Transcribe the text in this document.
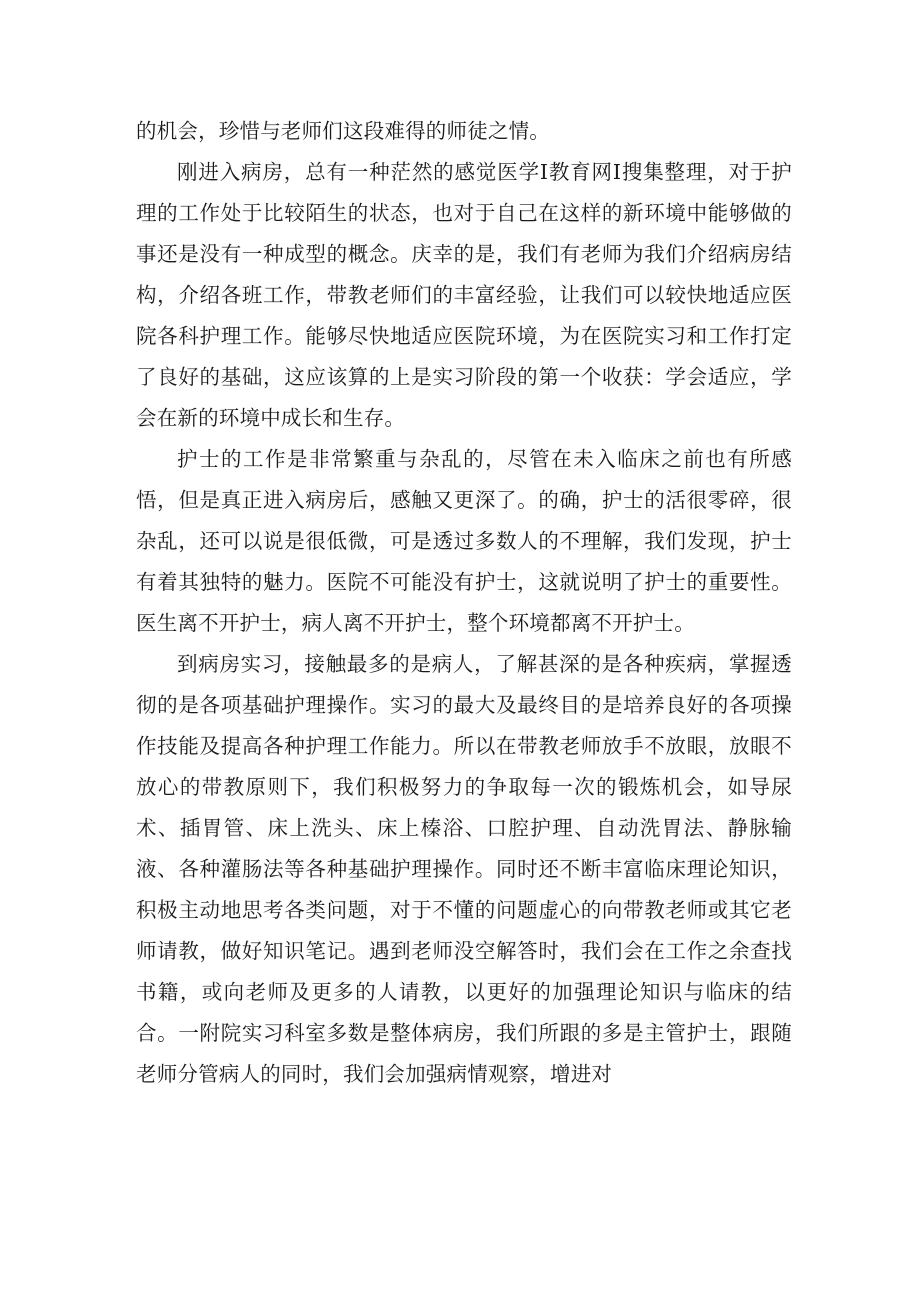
的机会，珍惜与老师们这段难得的师徒之情。

刚进入病房，总有一种茫然的感觉医学I教育网I搜集整理，对于护理的工作处于比较陌生的状态，也对于自己在这样的新环境中能够做的事还是没有一种成型的概念。庆幸的是，我们有老师为我们介绍病房结构，介绍各班工作，带教老师们的丰富经验，让我们可以较快地适应医院各科护理工作。能够尽快地适应医院环境，为在医院实习和工作打定了良好的基础，这应该算的上是实习阶段的第一个收获：学会适应，学会在新的环境中成长和生存。

护士的工作是非常繁重与杂乱的，尽管在未入临床之前也有所感悟，但是真正进入病房后，感触又更深了。的确，护士的活很零碎，很杂乱，还可以说是很低微，可是透过多数人的不理解，我们发现，护士有着其独特的魅力。医院不可能没有护士，这就说明了护士的重要性。医生离不开护士，病人离不开护士，整个环境都离不开护士。

到病房实习，接触最多的是病人，了解甚深的是各种疾病，掌握透彻的是各项基础护理操作。实习的最大及最终目的是培养良好的各项操作技能及提高各种护理工作能力。所以在带教老师放手不放眼，放眼不放心的带教原则下，我们积极努力的争取每一次的锻炼机会，如导尿术、插胃管、床上洗头、床上榛浴、口腔护理、自动洗胃法、静脉输液、各种灌肠法等各种基础护理操作。同时还不断丰富临床理论知识，积极主动地思考各类问题，对于不懂的问题虚心的向带教老师或其它老师请教，做好知识笔记。遇到老师没空解答时，我们会在工作之余查找书籍，或向老师及更多的人请教，以更好的加强理论知识与临床的结合。一附院实习科室多数是整体病房，我们所跟的多是主管护士，跟随老师分管病人的同时，我们会加强病情观察，增进对
